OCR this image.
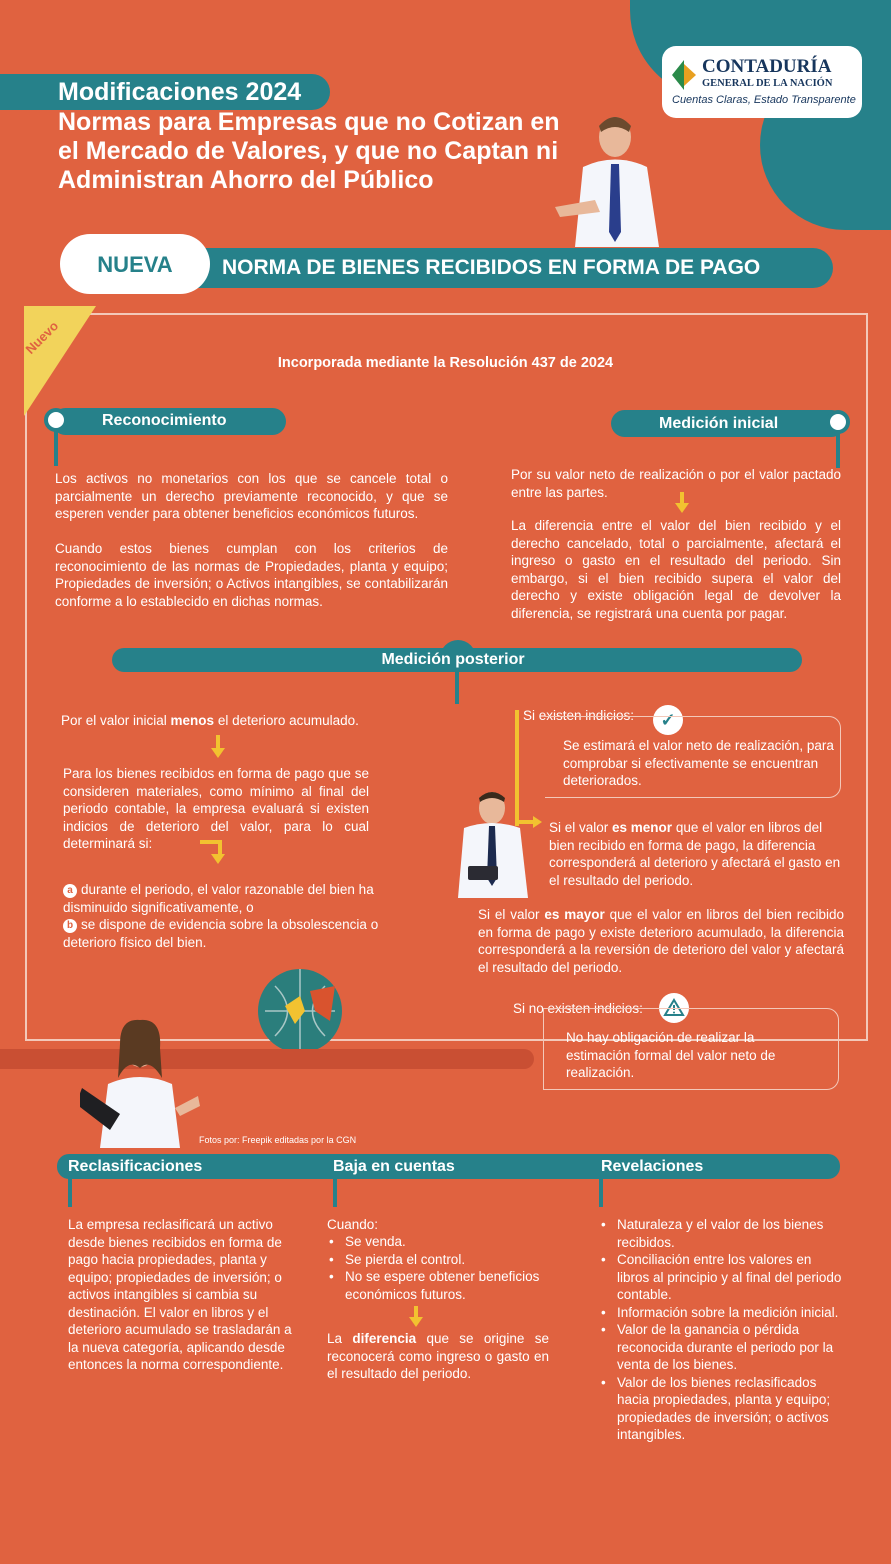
CONTADURÍA
GENERAL DE LA NACIÓN
Cuentas Claras, Estado Transparente
Modificaciones 2024
Normas para Empresas que no Cotizan en el Mercado de Valores, y que no Captan ni Administran Ahorro del Público
NUEVA	NORMA DE BIENES RECIBIDOS EN FORMA DE PAGO
Nuevo
Incorporada mediante la Resolución 437 de 2024
Reconocimiento
Los activos no monetarios con los que se cancele total o parcialmente un derecho previamente reconocido, y que se esperen vender para obtener beneficios económicos futuros.
Cuando estos bienes cumplan con los criterios de reconocimiento de las normas de Propiedades, planta y equipo; Propiedades de inversión; o Activos intangibles, se contabilizarán conforme a lo establecido en dichas normas.
Medición inicial
Por su valor neto de realización o por el valor pactado entre las partes.
La diferencia entre el valor del bien recibido y el derecho cancelado, total o parcialmente, afectará el ingreso o gasto en el resultado del periodo. Sin embargo, si el bien recibido supera el valor del derecho y existe obligación legal de devolver la diferencia, se registrará una cuenta por pagar.
Medición posterior
Por el valor inicial menos el deterioro acumulado.
Para los bienes recibidos en forma de pago que se consideren materiales, como mínimo al final del periodo contable, la empresa evaluará si existen indicios de deterioro del valor, para lo cual determinará si:
a durante el periodo, el valor razonable del bien ha disminuido significativamente, o
b se dispone de evidencia sobre la obsolescencia o deterioro físico del bien.
Si existen indicios:	✓
Se estimará el valor neto de realización, para comprobar si efectivamente se encuentran deteriorados.
Si el valor es menor que el valor en libros del bien recibido en forma de pago, la diferencia corresponderá al deterioro y afectará el gasto en el resultado del periodo.
Si el valor es mayor que el valor en libros del bien recibido en forma de pago y existe deterioro acumulado, la diferencia corresponderá a la reversión de deterioro del valor y afectará el resultado del periodo.
Si no existen indicios:
No hay obligación de realizar la estimación formal del valor neto de realización.
Fotos por: Freepik editadas por la CGN
Reclasificaciones
La empresa reclasificará un activo desde bienes recibidos en forma de pago hacia propiedades, planta y equipo; propiedades de inversión; o activos intangibles si cambia su destinación. El valor en libros y el deterioro acumulado se trasladarán a la nueva categoría, aplicando desde entonces la norma correspondiente.
Baja en cuentas
Cuando:
• Se venda.
• Se pierda el control.
• No se espere obtener beneficios económicos futuros.
La diferencia que se origine se reconocerá como ingreso o gasto en el resultado del periodo.
Revelaciones
• Naturaleza y el valor de los bienes recibidos.
• Conciliación entre los valores en libros al principio y al final del periodo contable.
• Información sobre la medición inicial.
• Valor de la ganancia o pérdida reconocida durante el periodo por la venta de los bienes.
• Valor de los bienes reclasificados hacia propiedades, planta y equipo; propiedades de inversión; o activos intangibles.
